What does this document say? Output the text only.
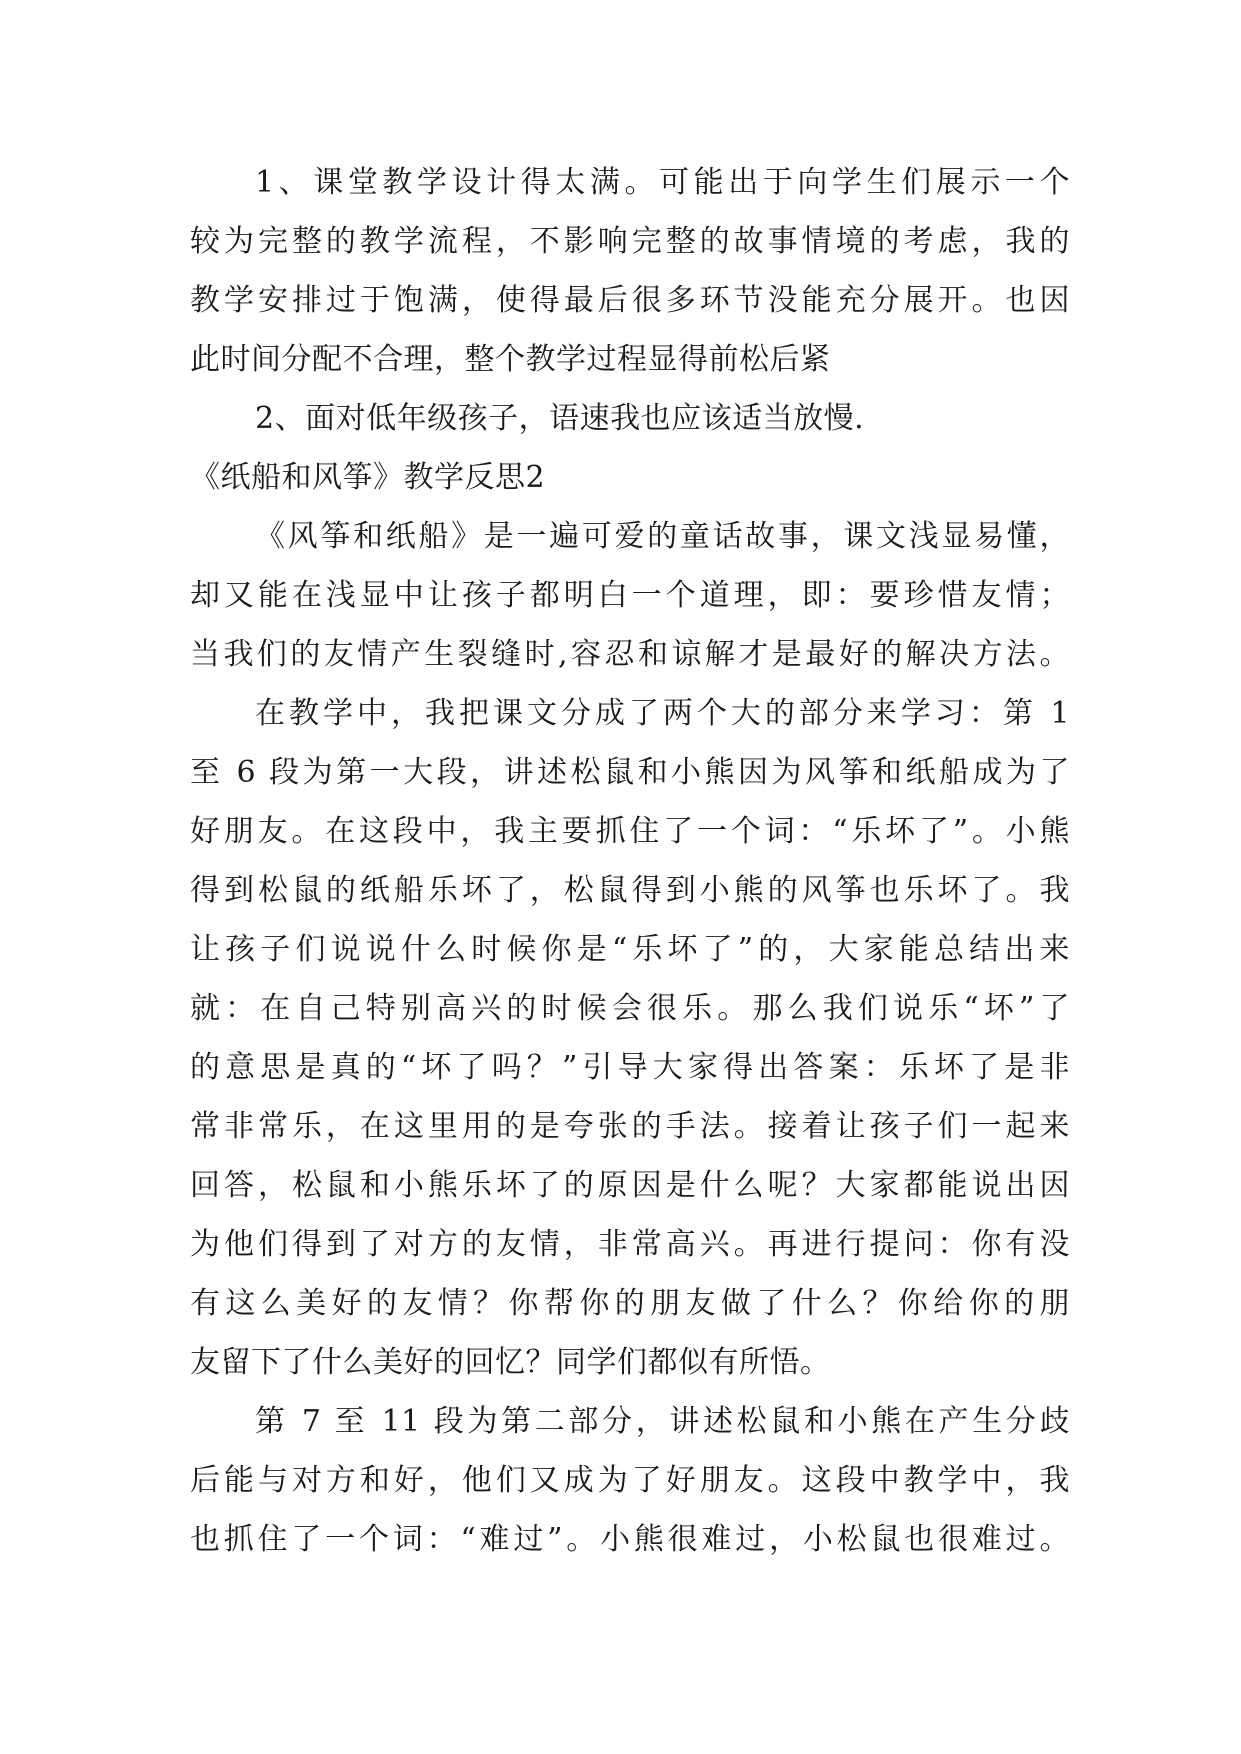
1、课堂教学设计得太满。可能出于向学生们展示一个
较为完整的教学流程，不影响完整的故事情境的考虑，我的
教学安排过于饱满，使得最后很多环节没能充分展开。也因
此时间分配不合理，整个教学过程显得前松后紧
2、面对低年级孩子，语速我也应该适当放慢.
《纸船和风筝》教学反思2
《风筝和纸船》是一遍可爱的童话故事，课文浅显易懂，
却又能在浅显中让孩子都明白一个道理，即：要珍惜友情；
当我们的友情产生裂缝时,容忍和谅解才是最好的解决方法。
在教学中，我把课文分成了两个大的部分来学习：第 1
至 6 段为第一大段，讲述松鼠和小熊因为风筝和纸船成为了
好朋友。在这段中，我主要抓住了一个词：“乐坏了”。小熊
得到松鼠的纸船乐坏了，松鼠得到小熊的风筝也乐坏了。我
让孩子们说说什么时候你是“乐坏了”的，大家能总结出来
就：在自己特别高兴的时候会很乐。那么我们说乐“坏”了
的意思是真的“坏了吗？”引导大家得出答案：乐坏了是非
常非常乐，在这里用的是夸张的手法。接着让孩子们一起来
回答，松鼠和小熊乐坏了的原因是什么呢？大家都能说出因
为他们得到了对方的友情，非常高兴。再进行提问：你有没
有这么美好的友情？你帮你的朋友做了什么？你给你的朋
友留下了什么美好的回忆？同学们都似有所悟。
第 7 至 11 段为第二部分，讲述松鼠和小熊在产生分歧
后能与对方和好，他们又成为了好朋友。这段中教学中，我
也抓住了一个词：“难过”。小熊很难过，小松鼠也很难过。
